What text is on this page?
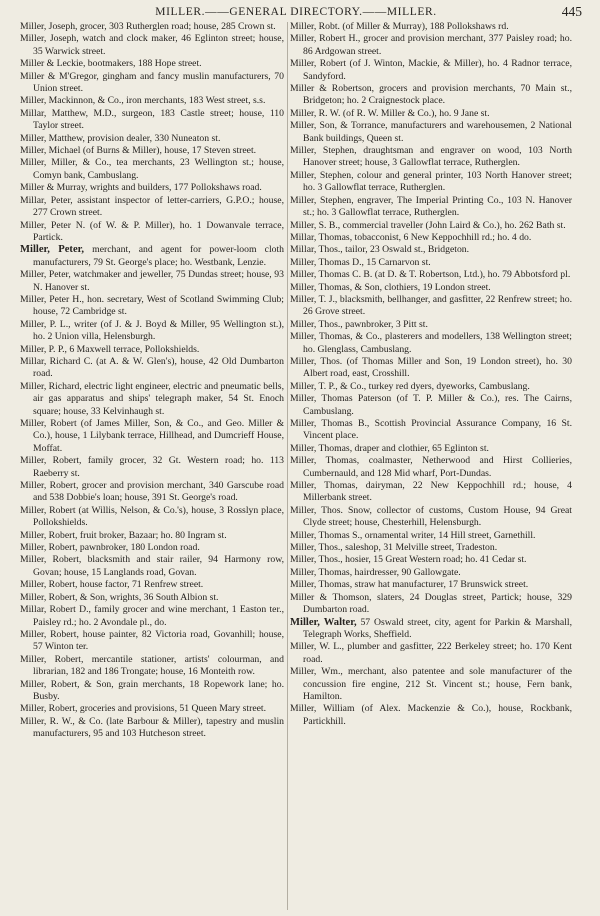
MILLER.——GENERAL DIRECTORY.——MILLER.	445

Miller, Joseph, grocer, 303 Rutherglen road; house, 285 Crown st.

Miller, Joseph, watch and clock maker, 46 Eglinton street; house, 35 Warwick street.

Miller & Leckie, bootmakers, 188 Hope street.

Miller & M'Gregor, gingham and fancy muslin manufacturers, 70 Union street.

Miller, Mackinnon, & Co., iron merchants, 183 West street, s.s.

Millar, Matthew, M.D., surgeon, 183 Castle street; house, 110 Taylor street.

Miller, Matthew, provision dealer, 330 Nuneaton st.

Miller, Michael (of Burns & Miller), house, 17 Steven street.

Miller, Miller, & Co., tea merchants, 23 Wellington st.; house, Comyn bank, Cambuslang.

Miller & Murray, wrights and builders, 177 Pollokshaws road.

Millar, Peter, assistant inspector of letter-carriers, G.P.O.; house, 277 Crown street.

Miller, Peter N. (of W. & P. Miller), ho. 1 Dowanvale terrace, Partick.

Miller, Peter, merchant, and agent for power-loom cloth manufacturers, 79 St. George's place; ho. Westbank, Lenzie.

Miller, Peter, watchmaker and jeweller, 75 Dundas street; house, 93 N. Hanover st.

Miller, Peter H., hon. secretary, West of Scotland Swimming Club; house, 72 Cambridge st.

Miller, P. L., writer (of J. & J. Boyd & Miller, 95 Wellington st.), ho. 2 Union villa, Helensburgh.

Miller, P. P., 6 Maxwell terrace, Pollokshields.

Millar, Richard C. (at A. & W. Glen's), house, 42 Old Dumbarton road.

Miller, Richard, electric light engineer, electric and pneumatic bells, air gas apparatus and ships' telegraph maker, 54 St. Enoch square; house, 33 Kelvinhaugh st.

Miller, Robert (of James Miller, Son, & Co., and Geo. Miller & Co.), house, 1 Lilybank terrace, Hillhead, and Dumcrieff House, Moffat.

Miller, Robert, family grocer, 32 Gt. Western road; ho. 113 Raeberry st.

Miller, Robert, grocer and provision merchant, 340 Garscube road and 538 Dobbie's loan; house, 391 St. George's road.

Miller, Robert (at Willis, Nelson, & Co.'s), house, 3 Rosslyn place, Pollokshields.

Miller, Robert, fruit broker, Bazaar; ho. 80 Ingram st.

Miller, Robert, pawnbroker, 180 London road.

Miller, Robert, blacksmith and stair railer, 94 Harmony row, Govan; house, 15 Langlands road, Govan.

Miller, Robert, house factor, 71 Renfrew street.

Miller, Robert, & Son, wrights, 36 South Albion st.

Millar, Robert D., family grocer and wine merchant, 1 Easton ter., Paisley rd.; ho. 2 Avondale pl., do.

Miller, Robert, house painter, 82 Victoria road, Govanhill; house, 57 Winton ter.

Miller, Robert, mercantile stationer, artists' colourman, and librarian, 182 and 186 Trongate; house, 16 Monteith row.

Miller, Robert, & Son, grain merchants, 18 Ropework lane; ho. Busby.

Miller, Robert, groceries and provisions, 51 Queen Mary street.

Miller, R. W., & Co. (late Barbour & Miller), tapestry and muslin manufacturers, 95 and 103 Hutcheson street.

Miller, Robt. (of Miller & Murray), 188 Pollokshaws rd.

Miller, Robert H., grocer and provision merchant, 377 Paisley road; ho. 86 Ardgowan street.

Miller, Robert (of J. Winton, Mackie, & Miller), ho. 4 Radnor terrace, Sandyford.

Miller & Robertson, grocers and provision merchants, 70 Main st., Bridgeton; ho. 2 Craignestock place.

Miller, R. W. (of R. W. Miller & Co.), ho. 9 Jane st.

Miller, Son, & Torrance, manufacturers and warehousemen, 2 National Bank buildings, Queen st.

Miller, Stephen, draughtsman and engraver on wood, 103 North Hanover street; house, 3 Gallowflat terrace, Rutherglen.

Miller, Stephen, colour and general printer, 103 North Hanover street; ho. 3 Gallowflat terrace, Rutherglen.

Miller, Stephen, engraver, The Imperial Printing Co., 103 N. Hanover st.; ho. 3 Gallowflat terrace, Rutherglen.

Miller, S. B., commercial traveller (John Laird & Co.), ho. 262 Bath st.

Millar, Thomas, tobacconist, 6 New Keppochhill rd.; ho. 4 do.

Millar, Thos., tailor, 23 Oswald st., Bridgeton.

Miller, Thomas D., 15 Carnarvon st.

Miller, Thomas C. B. (at D. & T. Robertson, Ltd.), ho. 79 Abbotsford pl.

Miller, Thomas, & Son, clothiers, 19 London street.

Miller, T. J., blacksmith, bellhanger, and gasfitter, 22 Renfrew street; ho. 26 Grove street.

Miller, Thos., pawnbroker, 3 Pitt st.

Miller, Thomas, & Co., plasterers and modellers, 138 Wellington street; ho. Glenglass, Cambuslang.

Miller, Thos. (of Thomas Miller and Son, 19 London street), ho. 30 Albert road, east, Crosshill.

Miller, T. P., & Co., turkey red dyers, dyeworks, Cambuslang.

Miller, Thomas Paterson (of T. P. Miller & Co.), res. The Cairns, Cambuslang.

Miller, Thomas B., Scottish Provincial Assurance Company, 16 St. Vincent place.

Miller, Thomas, draper and clothier, 65 Eglinton st.

Miller, Thomas, coalmaster, Netherwood and Hirst Collieries, Cumbernauld, and 128 Mid wharf, Port-Dundas.

Miller, Thomas, dairyman, 22 New Keppochhill rd.; house, 4 Millerbank street.

Miller, Thos. Snow, collector of customs, Custom House, 94 Great Clyde street; house, Chesterhill, Helensburgh.

Miller, Thomas S., ornamental writer, 14 Hill street, Garnethill.

Miller, Thos., saleshop, 31 Melville street, Tradeston.

Miller, Thos., hosier, 15 Great Western road; ho. 41 Cedar st.

Miller, Thomas, hairdresser, 90 Gallowgate.

Miller, Thomas, straw hat manufacturer, 17 Brunswick street.

Miller & Thomson, slaters, 24 Douglas street, Partick; house, 329 Dumbarton road.

Miller, Walter, 57 Oswald street, city, agent for Parkin & Marshall, Telegraph Works, Sheffield.

Miller, W. L., plumber and gasfitter, 222 Berkeley street; ho. 170 Kent road.

Miller, Wm., merchant, also patentee and sole manufacturer of the concussion fire engine, 212 St. Vincent st.; house, Fern bank, Hamilton.

Miller, William (of Alex. Mackenzie & Co.), house, Rockbank, Partickhill.
